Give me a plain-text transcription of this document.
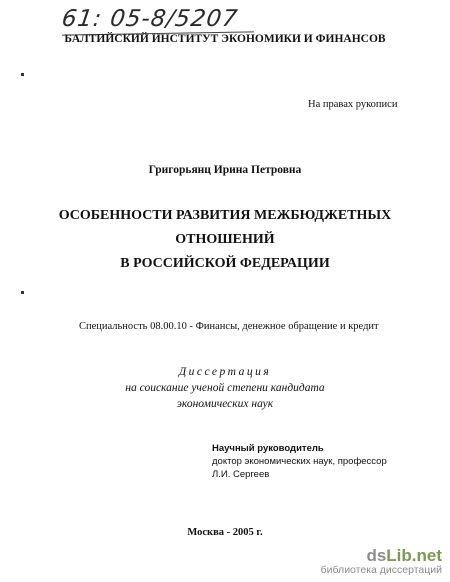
61: 05-8/5207
БАЛТИЙСКИЙ ИНСТИТУТ ЭКОНОМИКИ И ФИНАНСОВ
На правах рукописи
Григорьянц Ирина Петровна
ОСОБЕННОСТИ РАЗВИТИЯ МЕЖБЮДЖЕТНЫХ
ОТНОШЕНИЙ
В РОССИЙСКОЙ ФЕДЕРАЦИИ
Специальность 08.00.10 - Финансы, денежное обращение и кредит
Диссертация
на соискание ученой степени кандидата
экономических наук
Научный руководитель
доктор экономических наук, профессор
Л.И. Сергеев
Москва - 2005 г.
dsLib.net
библиотека диссертаций
